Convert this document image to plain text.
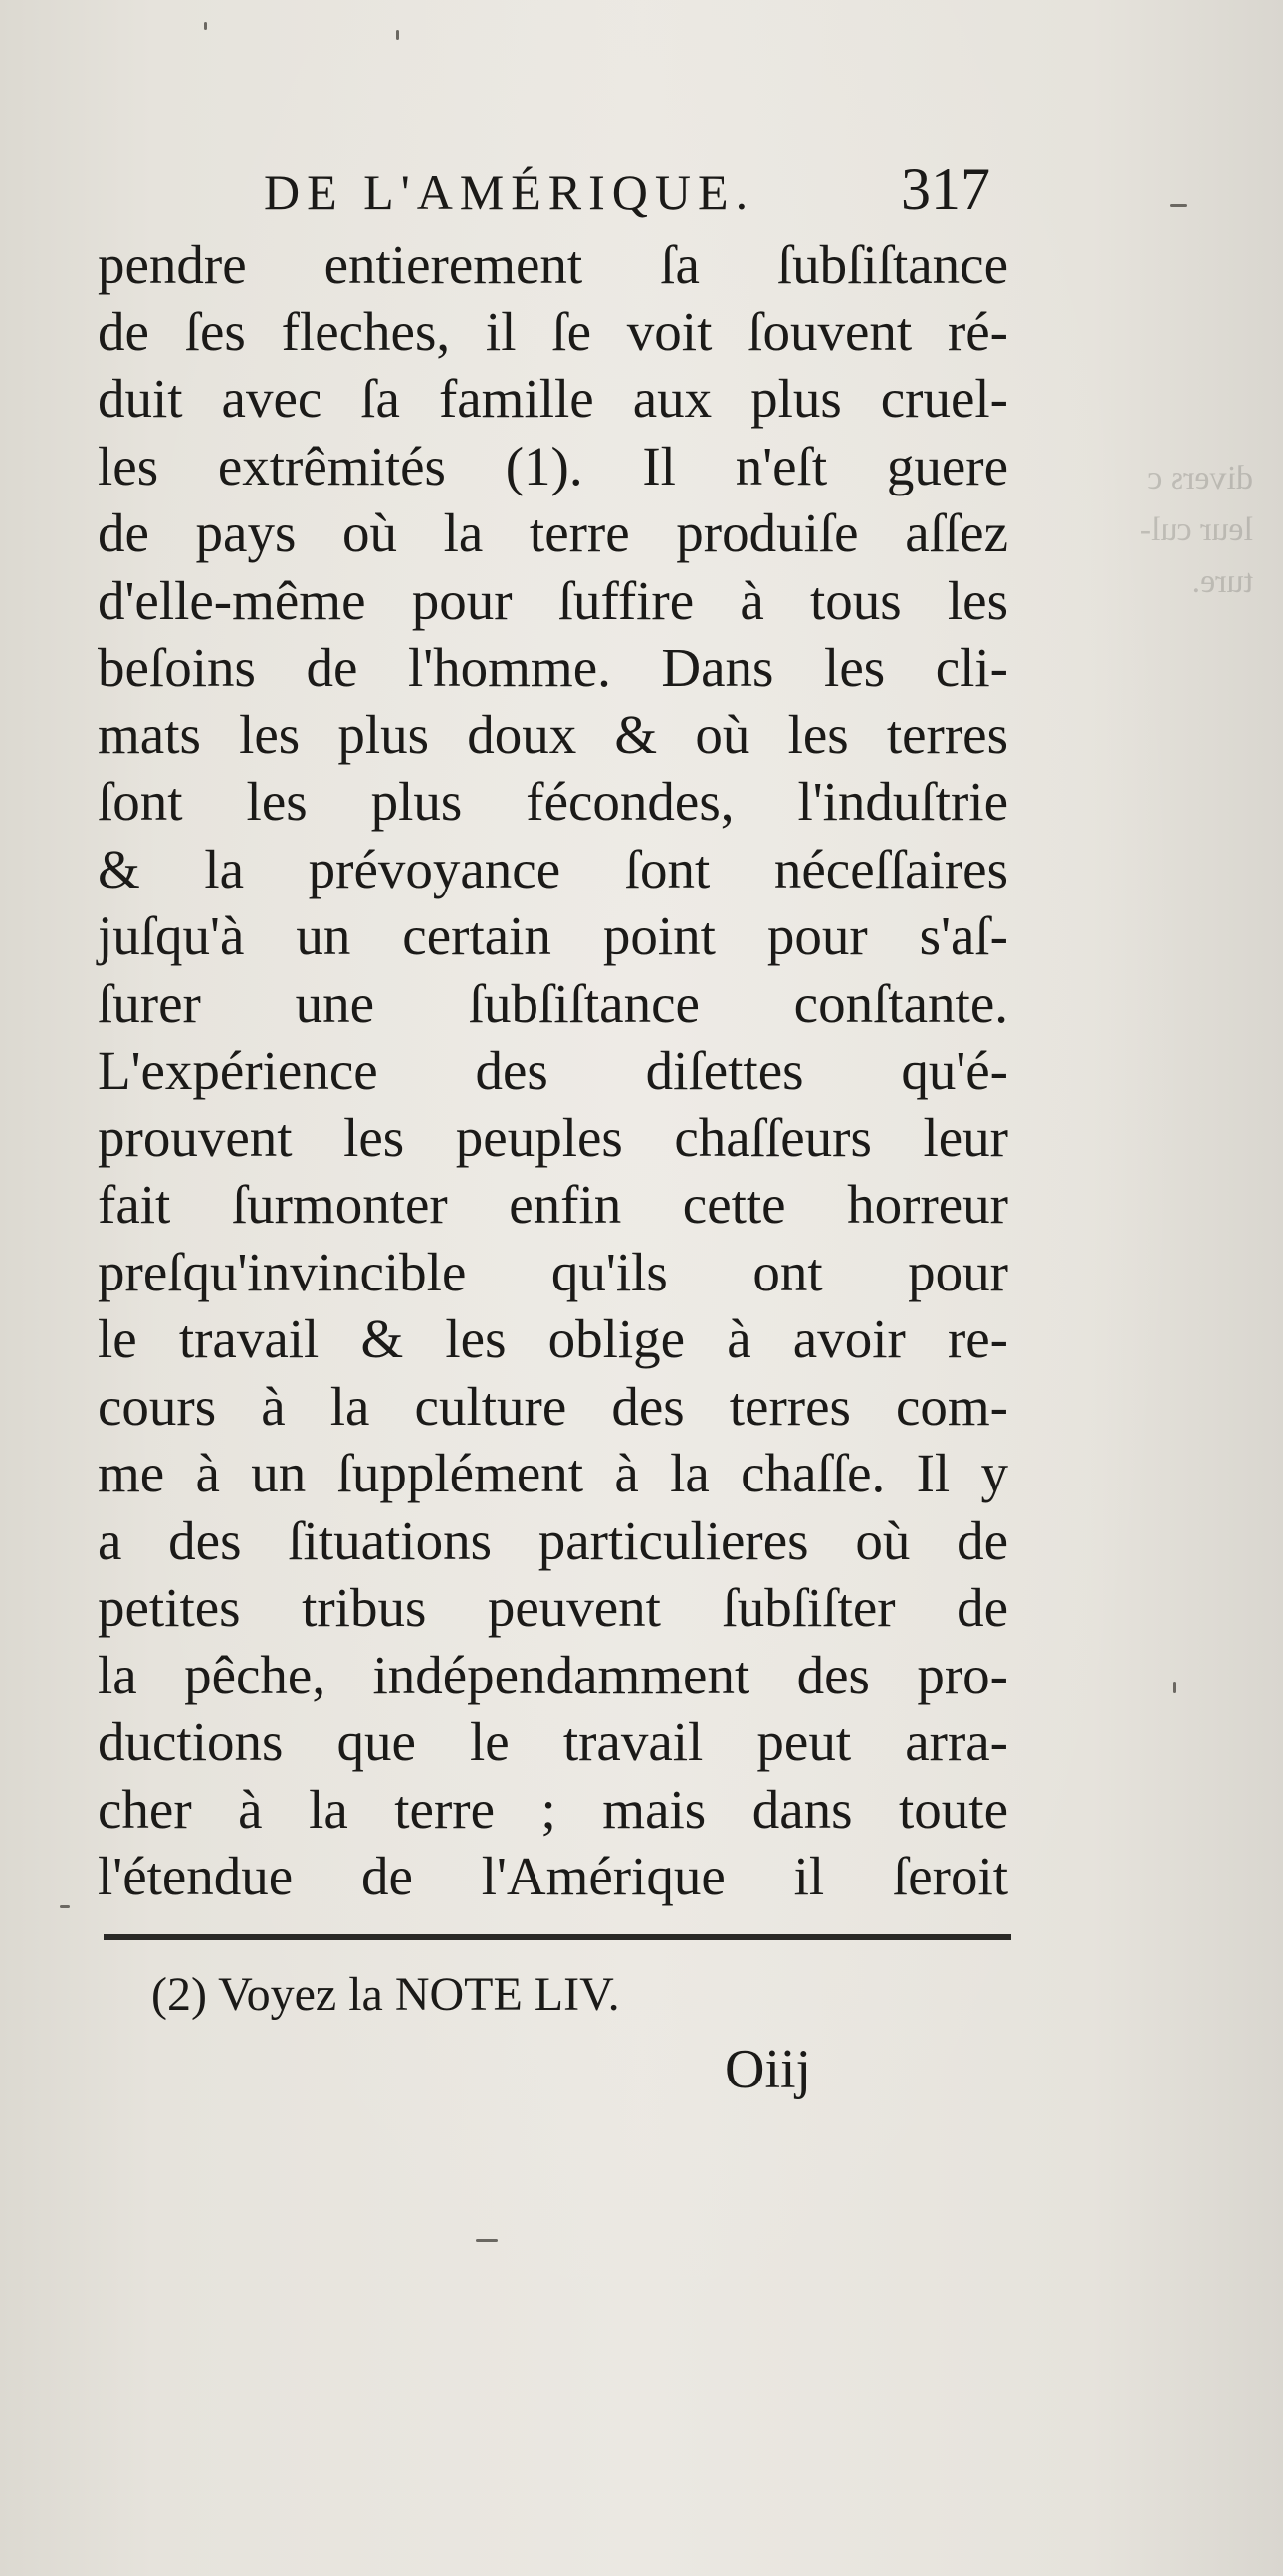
divers c
leur cul-
ture.
DE L'AMÉRIQUE.	317
pendre entierement ſa ſubſiſtance
de ſes fleches, il ſe voit ſouvent ré-
duit avec ſa famille aux plus cruel-
les extrêmités (1). Il n'eſt guere
de pays où la terre produiſe aſſez
d'elle-même pour ſuffire à tous les
beſoins de l'homme. Dans les cli-
mats les plus doux & où les terres
ſont les plus fécondes, l'induſtrie
& la prévoyance ſont néceſſaires
juſqu'à un certain point pour s'aſ-
ſurer une ſubſiſtance conſtante.
L'expérience des diſettes qu'é-
prouvent les peuples chaſſeurs leur
fait ſurmonter enfin cette horreur
preſqu'invincible qu'ils ont pour
le travail & les oblige à avoir re-
cours à la culture des terres com-
me à un ſupplément à la chaſſe. Il y
a des ſituations particulieres où de
petites tribus peuvent ſubſiſter de
la pêche, indépendamment des pro-
ductions que le travail peut arra-
cher à la terre ; mais dans toute
l'étendue de l'Amérique il ſeroit
(2) Voyez la NOTE LIV.
Oiij
